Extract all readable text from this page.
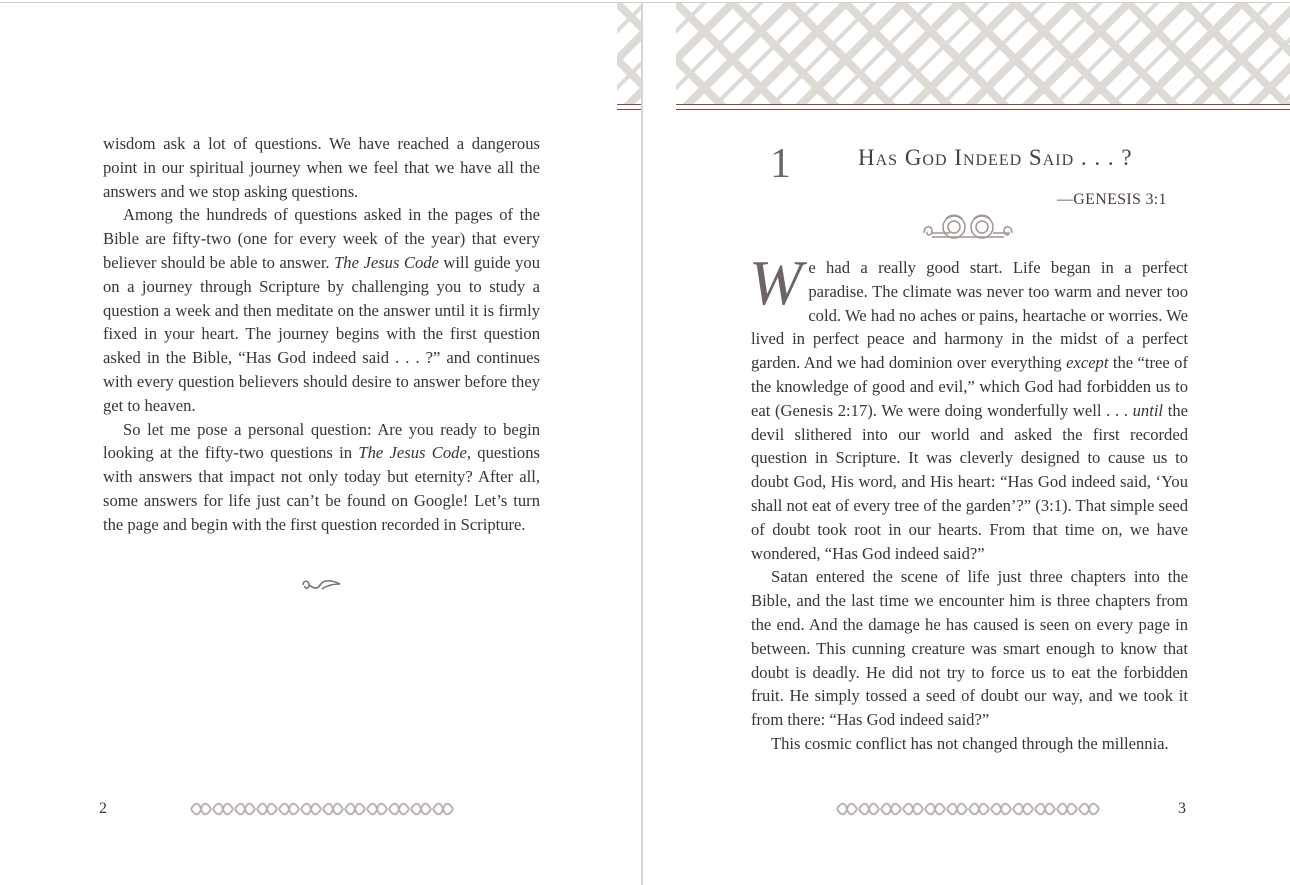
wisdom ask a lot of questions. We have reached a dangerous point in our spiritual journey when we feel that we have all the answers and we stop asking questions.

Among the hundreds of questions asked in the pages of the Bible are fifty-two (one for every week of the year) that every believer should be able to answer. The Jesus Code will guide you on a journey through Scripture by challenging you to study a question a week and then meditate on the answer until it is firmly fixed in your heart. The journey begins with the first question asked in the Bible, “Has God indeed said . . . ?” and continues with every question believers should desire to answer before they get to heaven.

So let me pose a personal question: Are you ready to begin looking at the fifty-two questions in The Jesus Code, questions with answers that impact not only today but eternity? After all, some answers for life just can’t be found on Google! Let’s turn the page and begin with the first question recorded in Scripture.

2
1	Has God Indeed Said . . . ?
—GENESIS 3:1

We had a really good start. Life began in a perfect paradise. The climate was never too warm and never too cold. We had no aches or pains, heartache or worries. We lived in perfect peace and harmony in the midst of a perfect garden. And we had dominion over everything except the “tree of the knowledge of good and evil,” which God had forbidden us to eat (Genesis 2:17). We were doing wonderfully well . . . until the devil slithered into our world and asked the first recorded question in Scripture. It was cleverly designed to cause us to doubt God, His word, and His heart: “Has God indeed said, ‘You shall not eat of every tree of the garden’?” (3:1). That simple seed of doubt took root in our hearts. From that time on, we have wondered, “Has God indeed said?”

Satan entered the scene of life just three chapters into the Bible, and the last time we encounter him is three chapters from the end. And the damage he has caused is seen on every page in between. This cunning creature was smart enough to know that doubt is deadly. He did not try to force us to eat the forbidden fruit. He simply tossed a seed of doubt our way, and we took it from there: “Has God indeed said?”

This cosmic conflict has not changed through the millennia.

3
